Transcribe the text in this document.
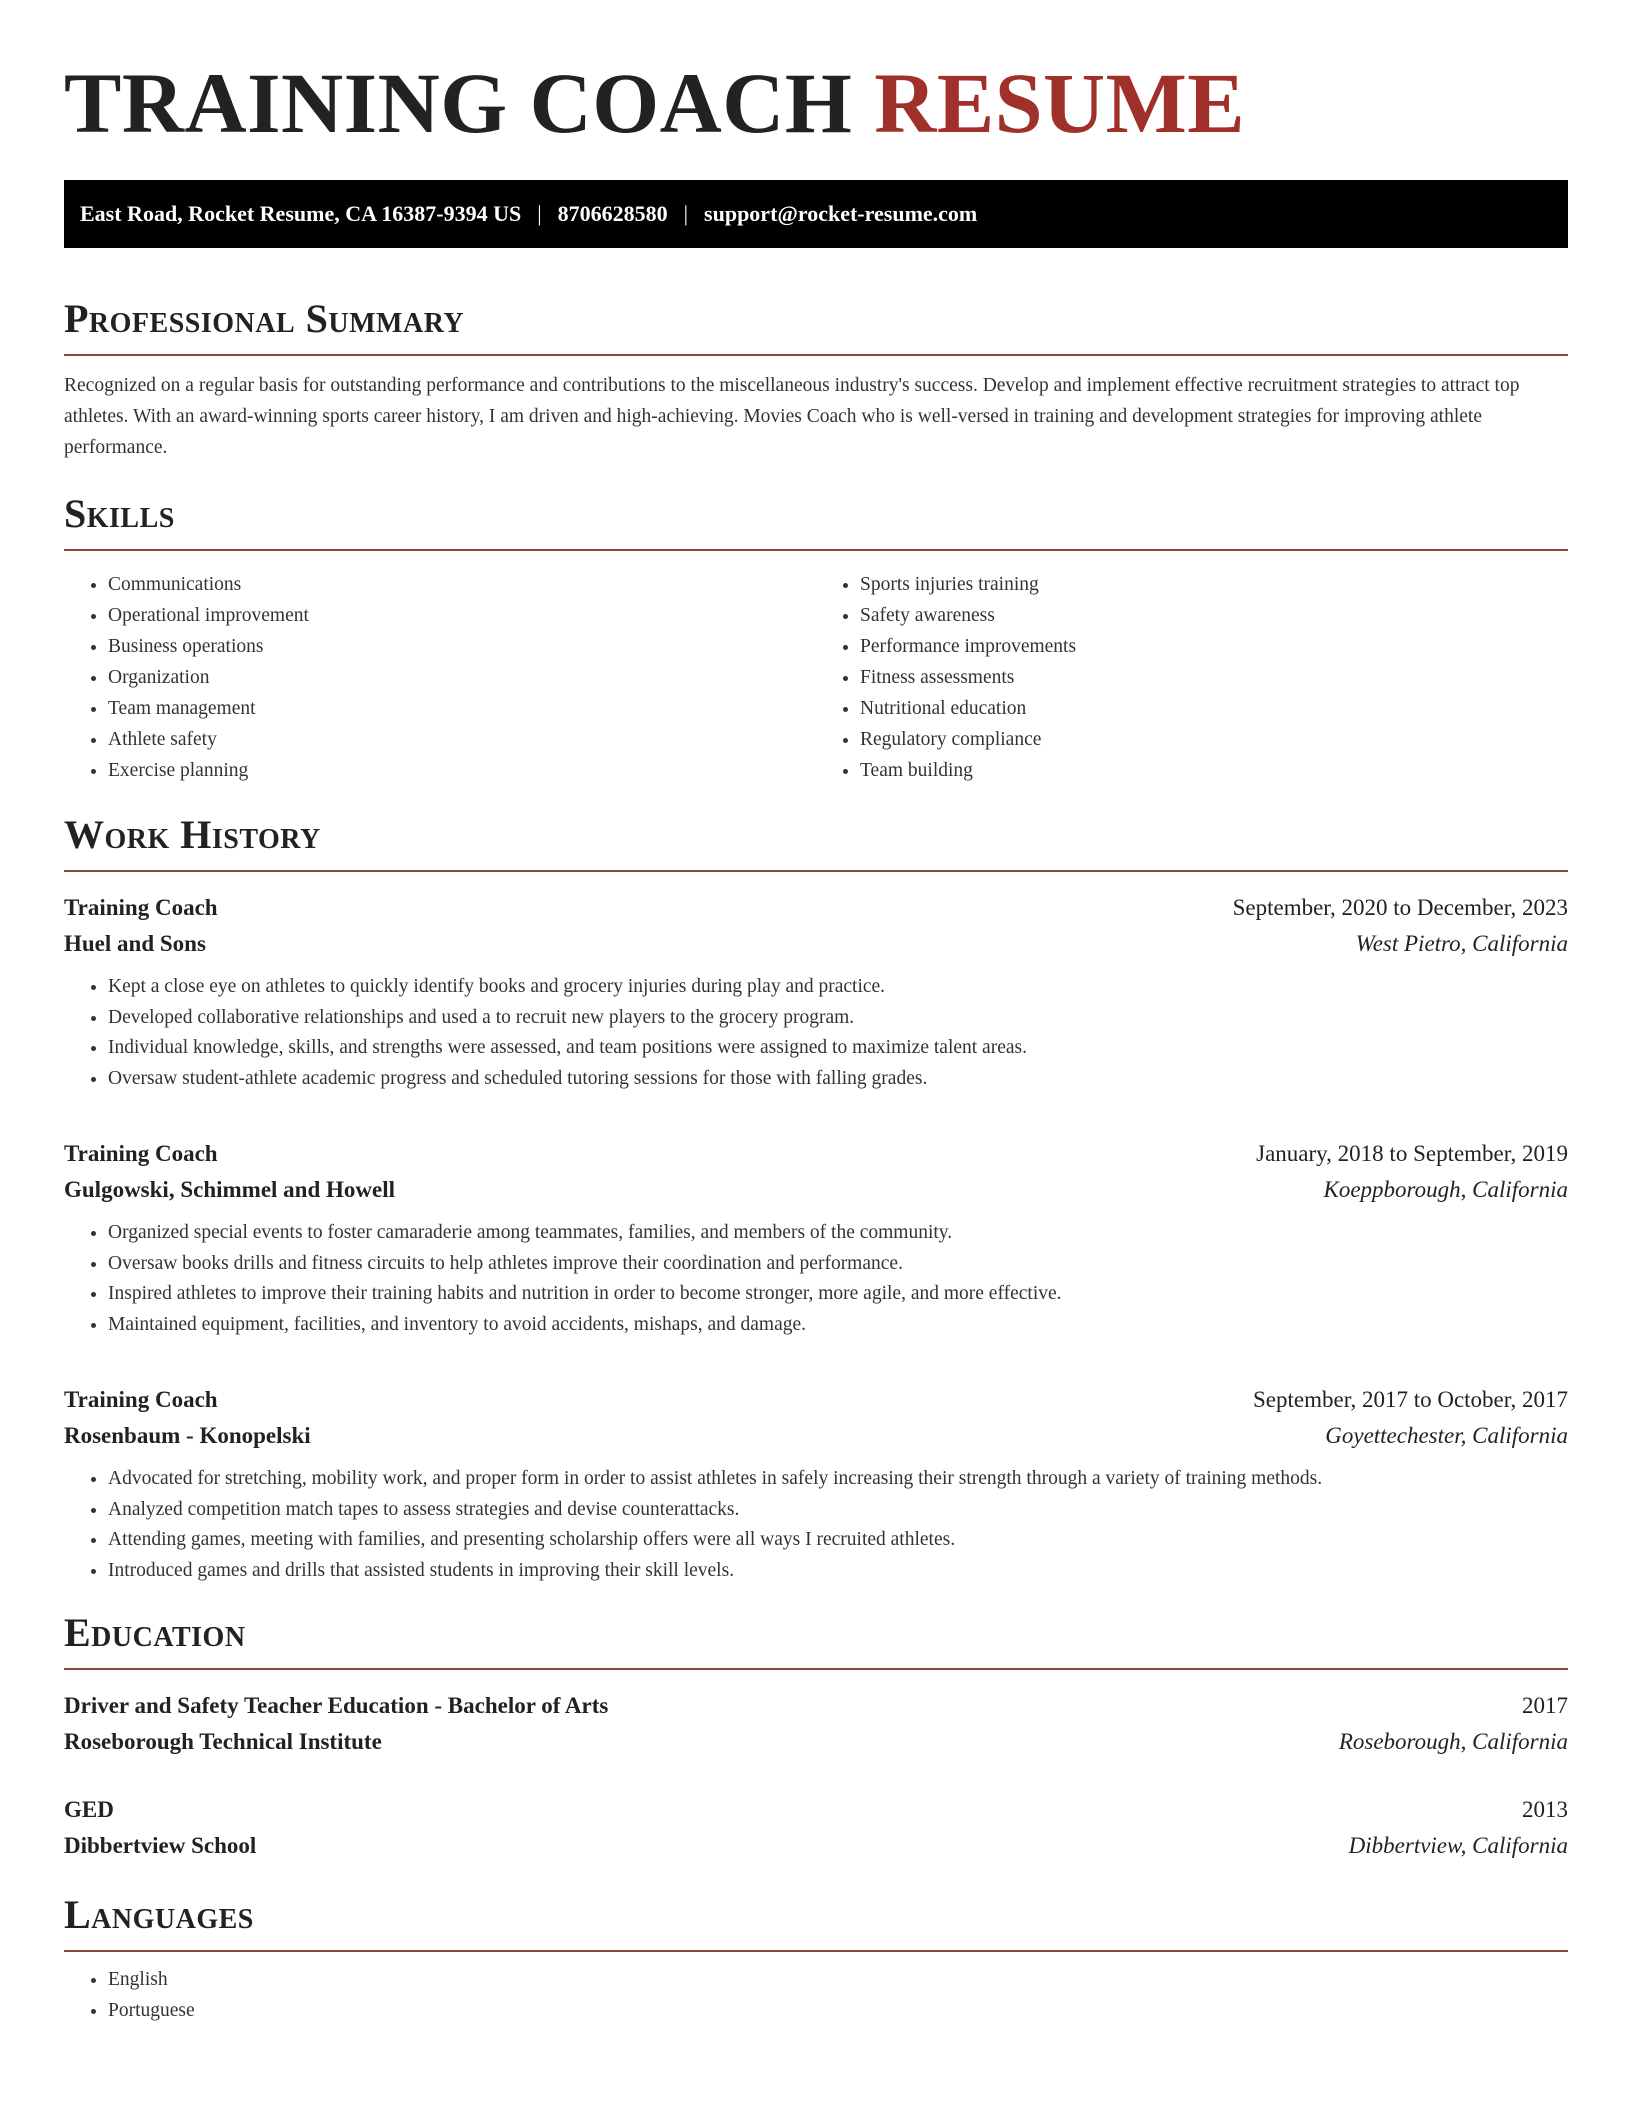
TRAINING COACH RESUME
East Road, Rocket Resume, CA 16387-9394 US | 8706628580 | support@rocket-resume.com
Professional Summary
Recognized on a regular basis for outstanding performance and contributions to the miscellaneous industry's success. Develop and implement effective recruitment strategies to attract top athletes. With an award-winning sports career history, I am driven and high-achieving. Movies Coach who is well-versed in training and development strategies for improving athlete performance.
Skills
• Communications
• Operational improvement
• Business operations
• Organization
• Team management
• Athlete safety
• Exercise planning
• Sports injuries training
• Safety awareness
• Performance improvements
• Fitness assessments
• Nutritional education
• Regulatory compliance
• Team building
Work History
Training Coach	September, 2020 to December, 2023
Huel and Sons	West Pietro, California
• Kept a close eye on athletes to quickly identify books and grocery injuries during play and practice.
• Developed collaborative relationships and used a to recruit new players to the grocery program.
• Individual knowledge, skills, and strengths were assessed, and team positions were assigned to maximize talent areas.
• Oversaw student-athlete academic progress and scheduled tutoring sessions for those with falling grades.
Training Coach	January, 2018 to September, 2019
Gulgowski, Schimmel and Howell	Koeppborough, California
• Organized special events to foster camaraderie among teammates, families, and members of the community.
• Oversaw books drills and fitness circuits to help athletes improve their coordination and performance.
• Inspired athletes to improve their training habits and nutrition in order to become stronger, more agile, and more effective.
• Maintained equipment, facilities, and inventory to avoid accidents, mishaps, and damage.
Training Coach	September, 2017 to October, 2017
Rosenbaum - Konopelski	Goyettechester, California
• Advocated for stretching, mobility work, and proper form in order to assist athletes in safely increasing their strength through a variety of training methods.
• Analyzed competition match tapes to assess strategies and devise counterattacks.
• Attending games, meeting with families, and presenting scholarship offers were all ways I recruited athletes.
• Introduced games and drills that assisted students in improving their skill levels.
Education
Driver and Safety Teacher Education - Bachelor of Arts	2017
Roseborough Technical Institute	Roseborough, California
GED	2013
Dibbertview School	Dibbertview, California
Languages
• English
• Portuguese
